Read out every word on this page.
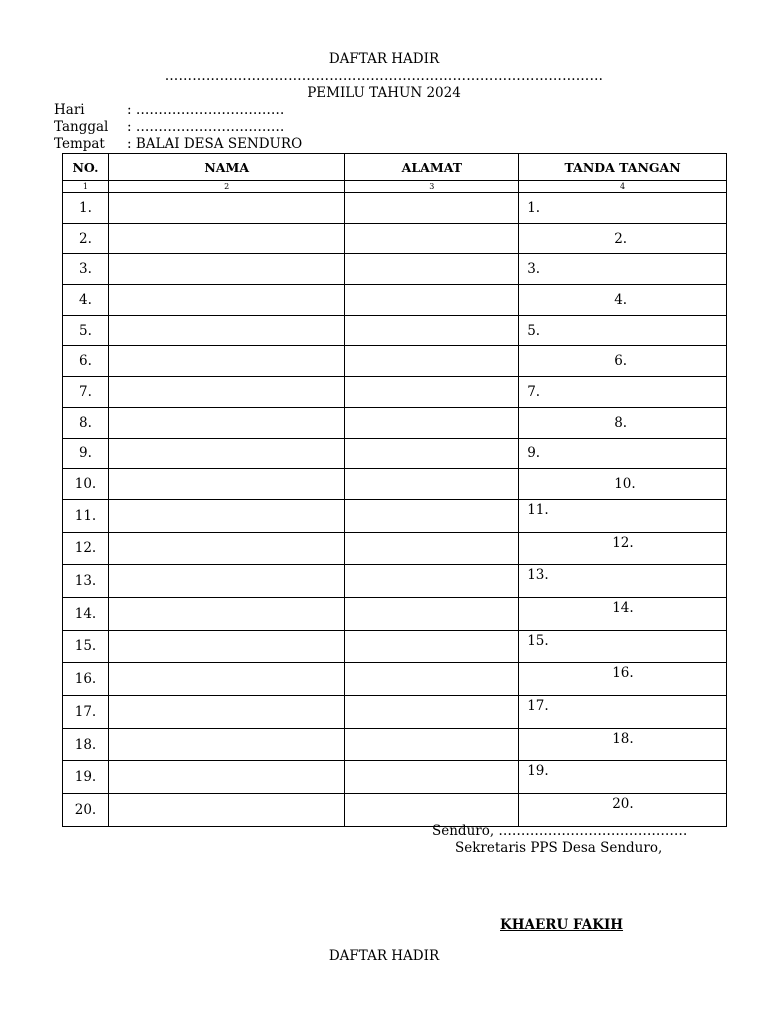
DAFTAR HADIR
……………………………………………………………………………………
PEMILU TAHUN 2024
Hari	: ……………………………
Tanggal : ……………………………
Tempat : BALAI DESA SENDURO
NO.	NAMA	ALAMAT	TANDA TANGAN
1	2	3	4
1.			1.
2.			2.
3.			3.
4.			4.
5.			5.
6.			6.
7.			7.
8.			8.
9.			9.
10.			10.
11.			11.
12.			12.
13.			13.
14.			14.
15.			15.
16.			16.
17.			17.
18.			18.
19.			19.
20.			20.
Senduro, ……………………………………
Sekretaris PPS Desa Senduro,
KHAERU FAKIH
DAFTAR HADIR
